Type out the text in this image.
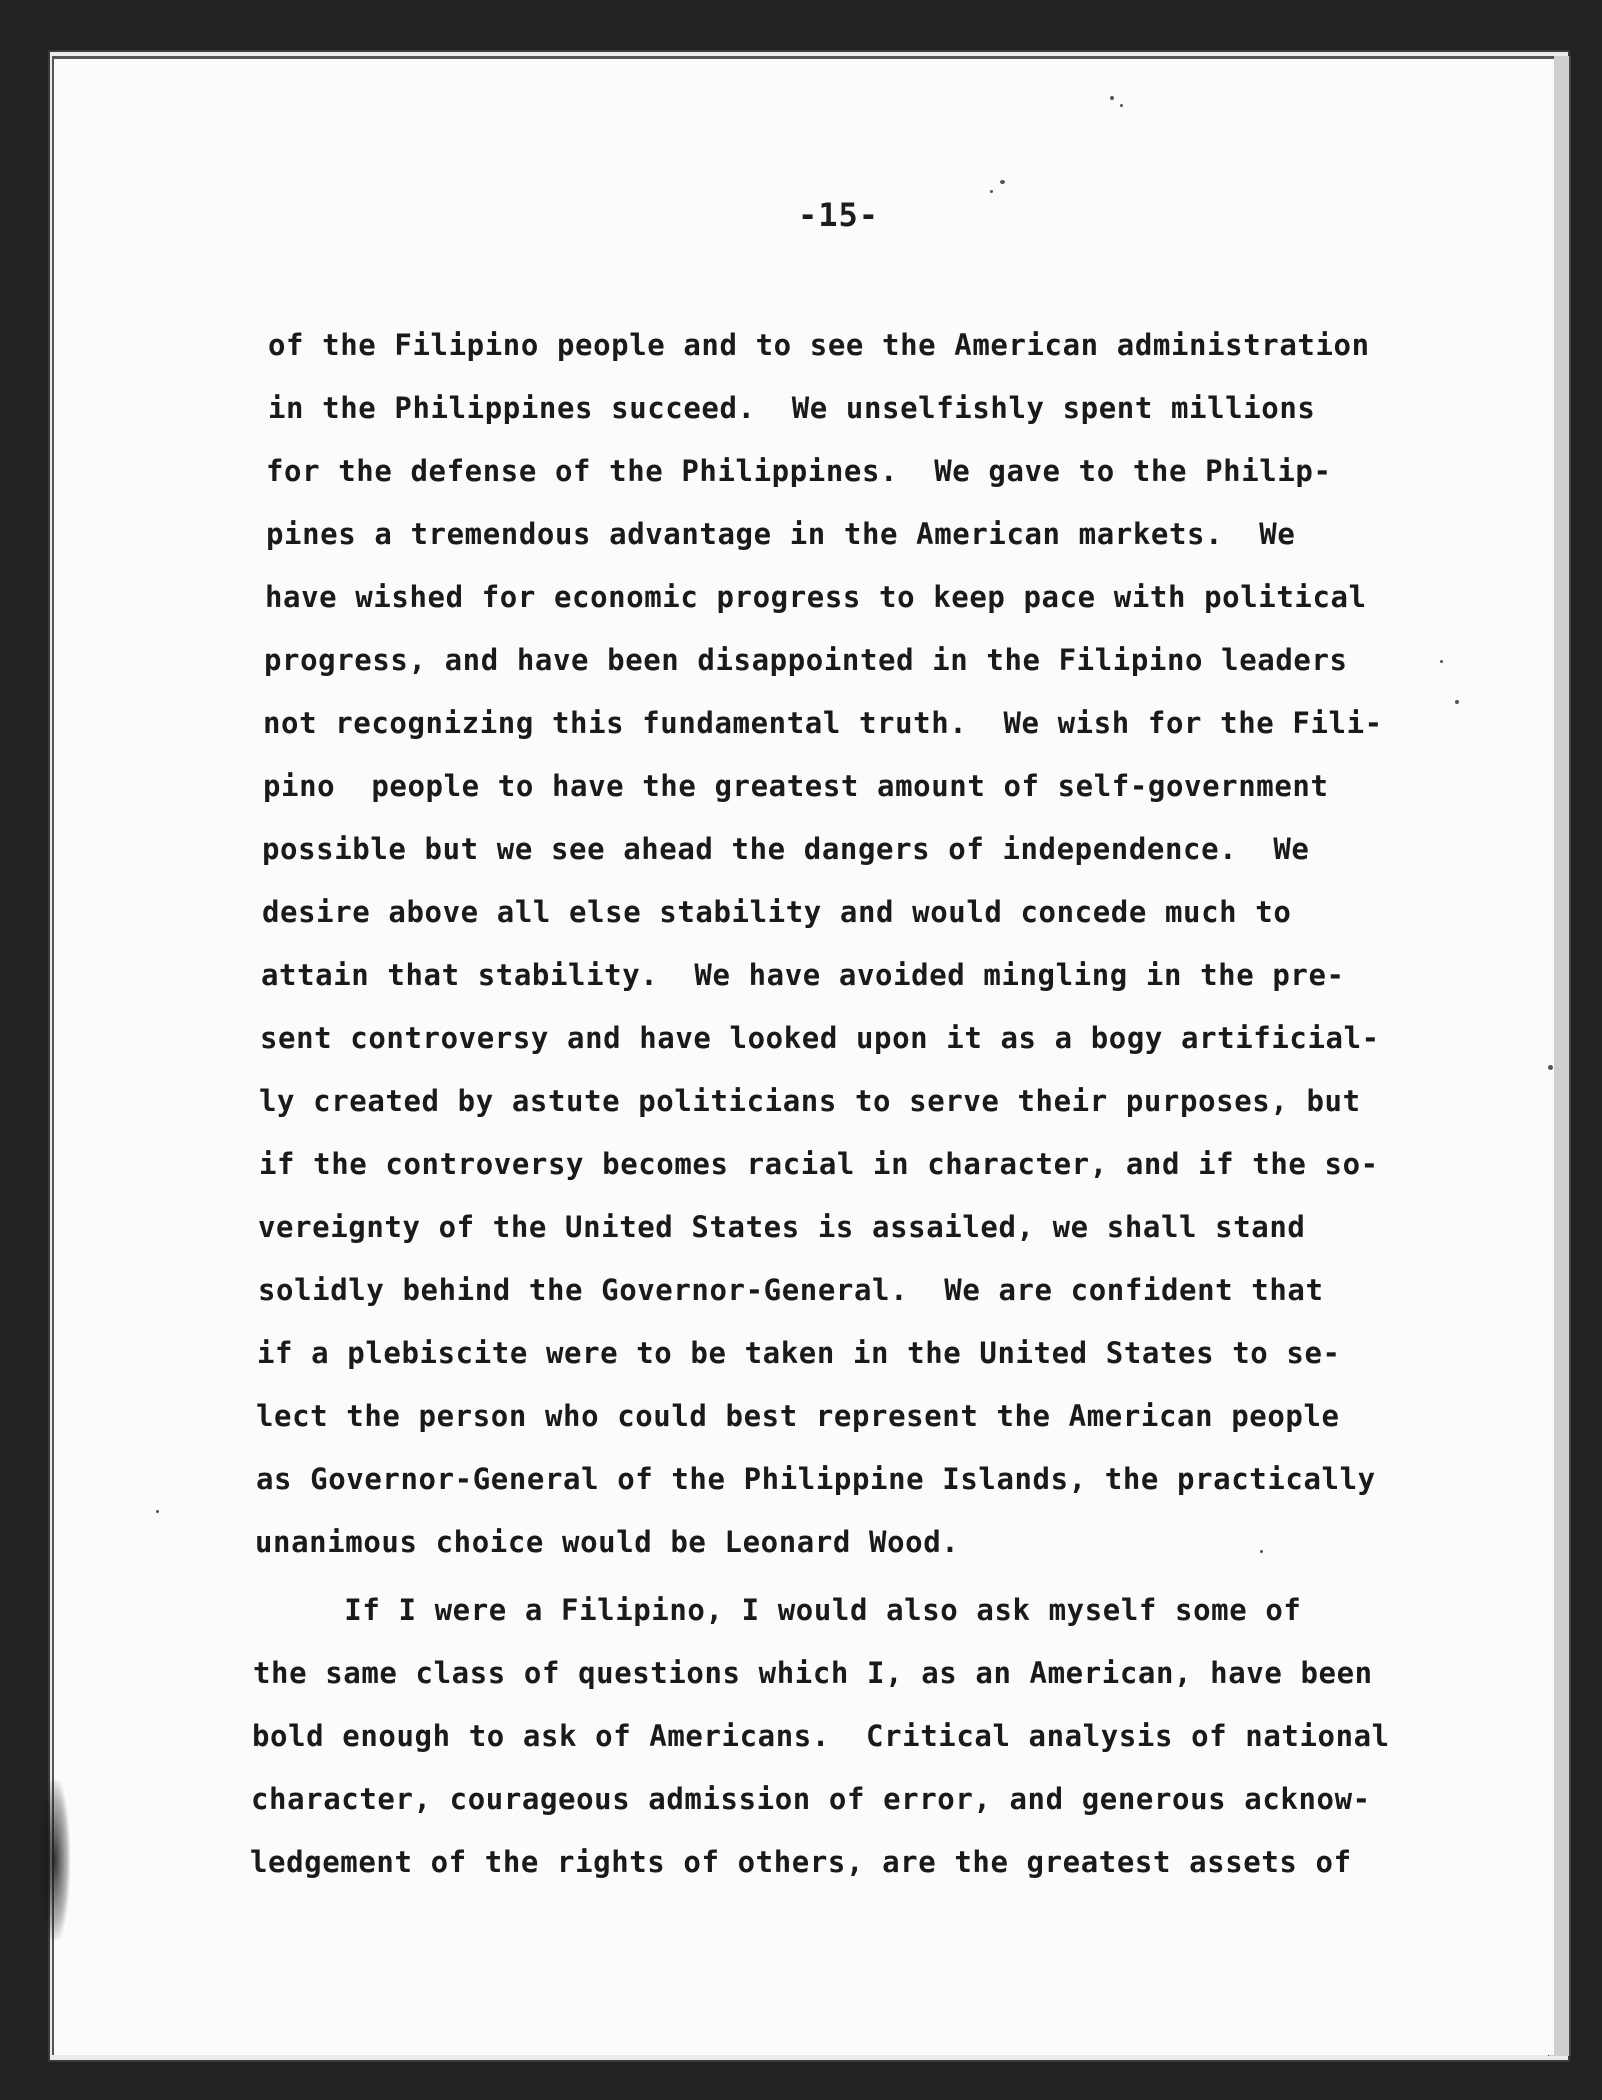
-15-
of the Filipino people and to see the American administration
in the Philippines succeed.  We unselfishly spent millions
for the defense of the Philippines.  We gave to the Philip-
pines a tremendous advantage in the American markets.  We
have wished for economic progress to keep pace with political
progress, and have been disappointed in the Filipino leaders
not recognizing this fundamental truth.  We wish for the Fili-
pino  people to have the greatest amount of self-government
possible but we see ahead the dangers of independence.  We
desire above all else stability and would concede much to
attain that stability.  We have avoided mingling in the pre-
sent controversy and have looked upon it as a bogy artificial-
ly created by astute politicians to serve their purposes, but
if the controversy becomes racial in character, and if the so-
vereignty of the United States is assailed, we shall stand
solidly behind the Governor-General.  We are confident that
if a plebiscite were to be taken in the United States to se-
lect the person who could best represent the American people
as Governor-General of the Philippine Islands, the practically
unanimous choice would be Leonard Wood.
If I were a Filipino, I would also ask myself some of
the same class of questions which I, as an American, have been
bold enough to ask of Americans.  Critical analysis of national
character, courageous admission of error, and generous acknow-
ledgement of the rights of others, are the greatest assets of
